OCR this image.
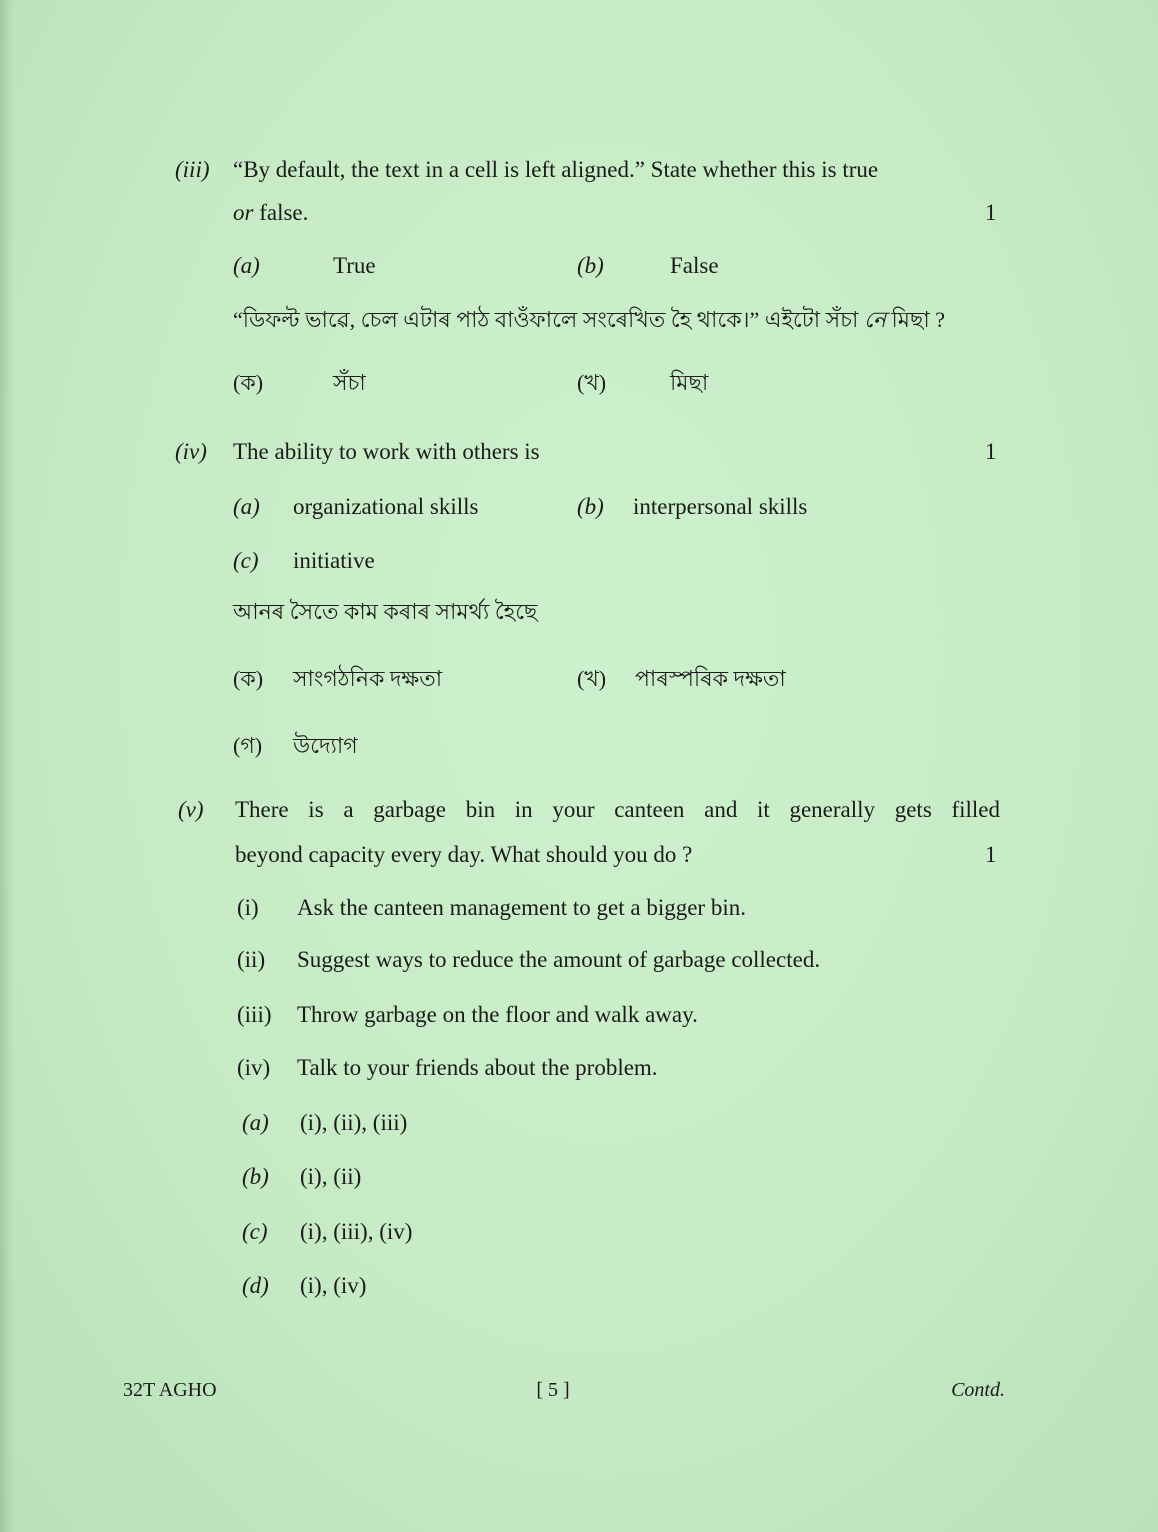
(iii) “By default, the text in a cell is left aligned.” State whether this is true
or false.	1
(a)	True	(b)	False
“ডিফল্ট ভাৱে, চেল এটাৰ পাঠ বাওঁফালে সংৰেখিত হৈ থাকে।” এইটো সঁচা নে মিছা ?
(ক)	সঁচা	(খ)	মিছা
(iv) The ability to work with others is	1
(a) organizational skills	(b) interpersonal skills
(c) initiative
আনৰ সৈতে কাম কৰাৰ সামৰ্থ্য হৈছে
(ক) সাংগঠনিক দক্ষতা	(খ) পাৰস্পৰিক দক্ষতা
(গ) উদ্যোগ
(v) There is a garbage bin in your canteen and it generally gets filled
beyond capacity every day. What should you do ?	1
(i) Ask the canteen management to get a bigger bin.
(ii) Suggest ways to reduce the amount of garbage collected.
(iii) Throw garbage on the floor and walk away.
(iv) Talk to your friends about the problem.
(a) (i), (ii), (iii)
(b) (i), (ii)
(c) (i), (iii), (iv)
(d) (i), (iv)
32T AGHO	[ 5 ]	Contd.
